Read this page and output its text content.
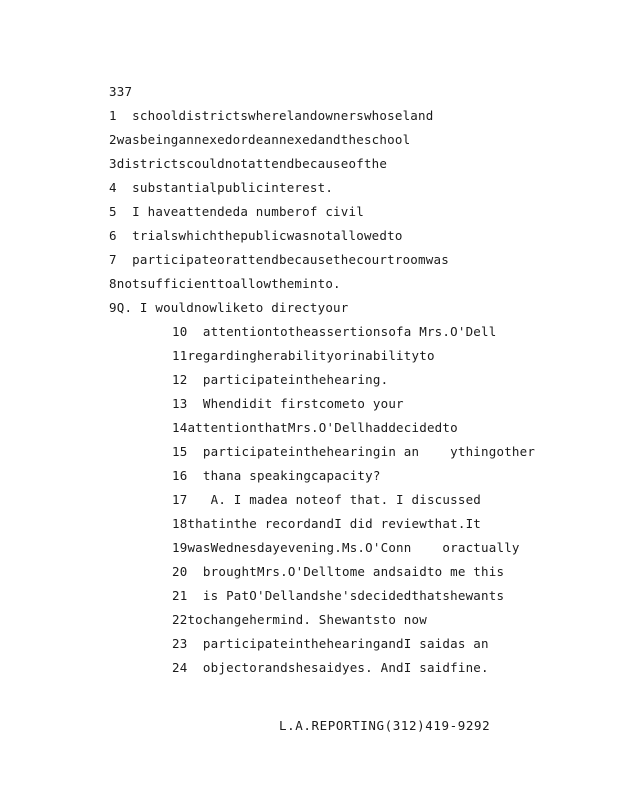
337
1  schooldistrictswherelandownerswhoseland
2wasbeingannexedordeannexedandtheschool
3districtscouldnotattendbecauseofthe
4  substantialpublicinterest.
5  I haveattendeda numberof civil
6  trialswhichthepublicwasnotallowedto
7  participateorattendbecausethecourtroomwas
8notsufficienttoallowtheminto.
9Q. I wouldnowliketo directyour
10  attentiontotheassertionsofa Mrs.O'Dell
11regardingherabilityorinabilityto
12  participateinthehearing.
13  Whendidit firstcometo your
14attentionthatMrs.O'Dellhaddecidedto
15  participateinthehearingin an    ythingother
16  thana speakingcapacity?
17   A. I madea noteof that. I discussed
18thatinthe recordandI did reviewthat.It
19wasWednesdayevening.Ms.O'Conn    oractually
20  broughtMrs.O'Delltome andsaidto me this
21  is PatO'Dellandshe'sdecidedthatshewants
22tochangehermind. Shewantsto now
23  participateinthehearingandI saidas an
24  objectorandshesaidyes. AndI saidfine.
L.A.REPORTING(312)419-9292
